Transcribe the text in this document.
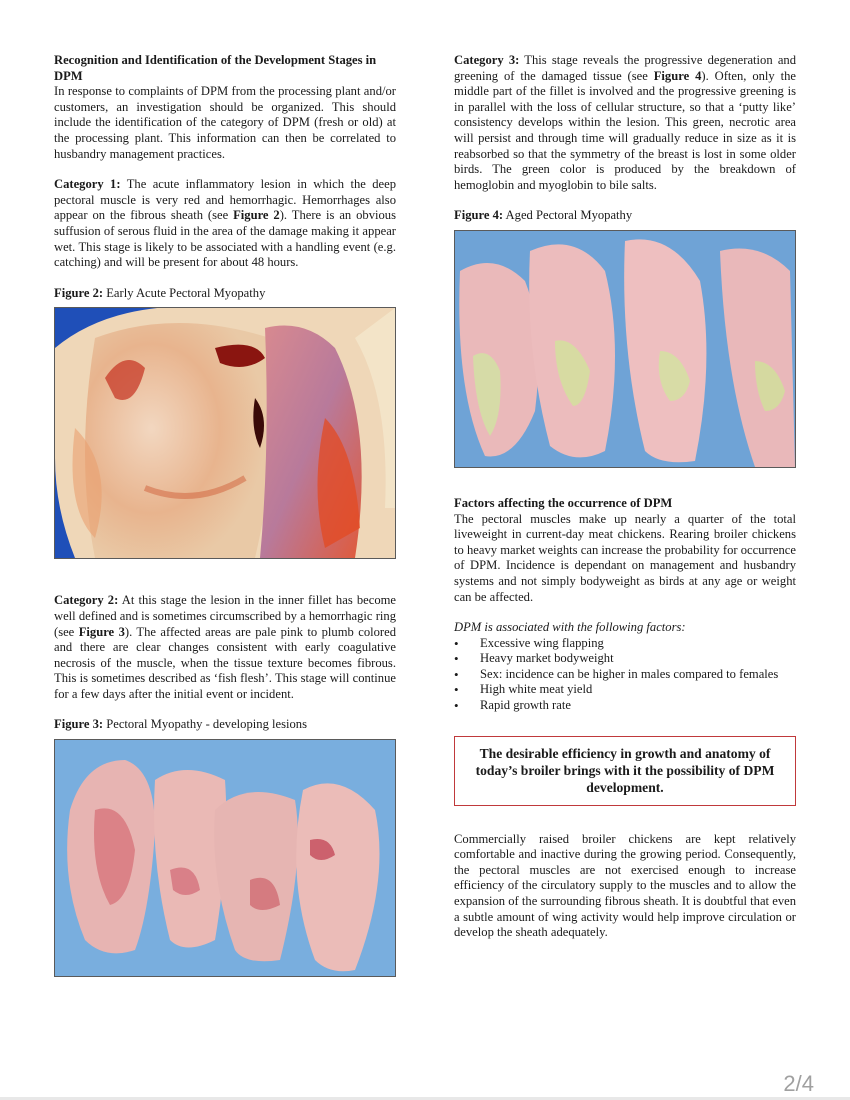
Recognition and Identification of the Development Stages in DPM

In response to complaints of DPM from the processing plant and/or customers, an investigation should be organized. This should include the identification of the category of DPM (fresh or old) at the processing plant. This information can then be correlated to husbandry management practices.

Category 1: The acute inflammatory lesion in which the deep pectoral muscle is very red and hemorrhagic. Hemorrhages also appear on the fibrous sheath (see Figure 2). There is an obvious suffusion of serous fluid in the area of the damage making it appear wet. This stage is likely to be associated with a handling event (e.g. catching) and will be present for about 48 hours.

Figure 2: Early Acute Pectoral Myopathy

Category 2: At this stage the lesion in the inner fillet has become well defined and is sometimes circumscribed by a hemorrhagic ring (see Figure 3). The affected areas are pale pink to plumb colored and there are clear changes consistent with early coagulative necrosis of the muscle, when the tissue texture becomes fibrous. This is sometimes described as ‘fish flesh’. This stage will continue for a few days after the initial event or incident.

Figure 3: Pectoral Myopathy - developing lesions

Category 3: This stage reveals the progressive degeneration and greening of the damaged tissue (see Figure 4). Often, only the middle part of the fillet is involved and the progressive greening is in parallel with the loss of cellular structure, so that a ‘putty like’ consistency develops within the lesion. This green, necrotic area will persist and through time will gradually reduce in size as it is reabsorbed so that the symmetry of the breast is lost in some older birds. The green color is produced by the breakdown of hemoglobin and myoglobin to bile salts.

Figure 4: Aged Pectoral Myopathy

Factors affecting the occurrence of DPM

The pectoral muscles make up nearly a quarter of the total liveweight in current-day meat chickens. Rearing broiler chickens to heavy market weights can increase the probability for occurrence of DPM. Incidence is dependant on management and husbandry systems and not simply bodyweight as birds at any age or weight can be affected.

DPM is associated with the following factors:

• Excessive wing flapping
• Heavy market bodyweight
• Sex: incidence can be higher in males compared to females
• High white meat yield
• Rapid growth rate
The desirable efficiency in growth and anatomy of today’s broiler brings with it the possibility of DPM development.

Commercially raised broiler chickens are kept relatively comfortable and inactive during the growing period. Consequently, the pectoral muscles are not exercised enough to increase efficiency of the circulatory supply to the muscles and to allow the expansion of the surrounding fibrous sheath. It is doubtful that even a subtle amount of wing activity would help improve circulation or develop the sheath adequately.

2/4
